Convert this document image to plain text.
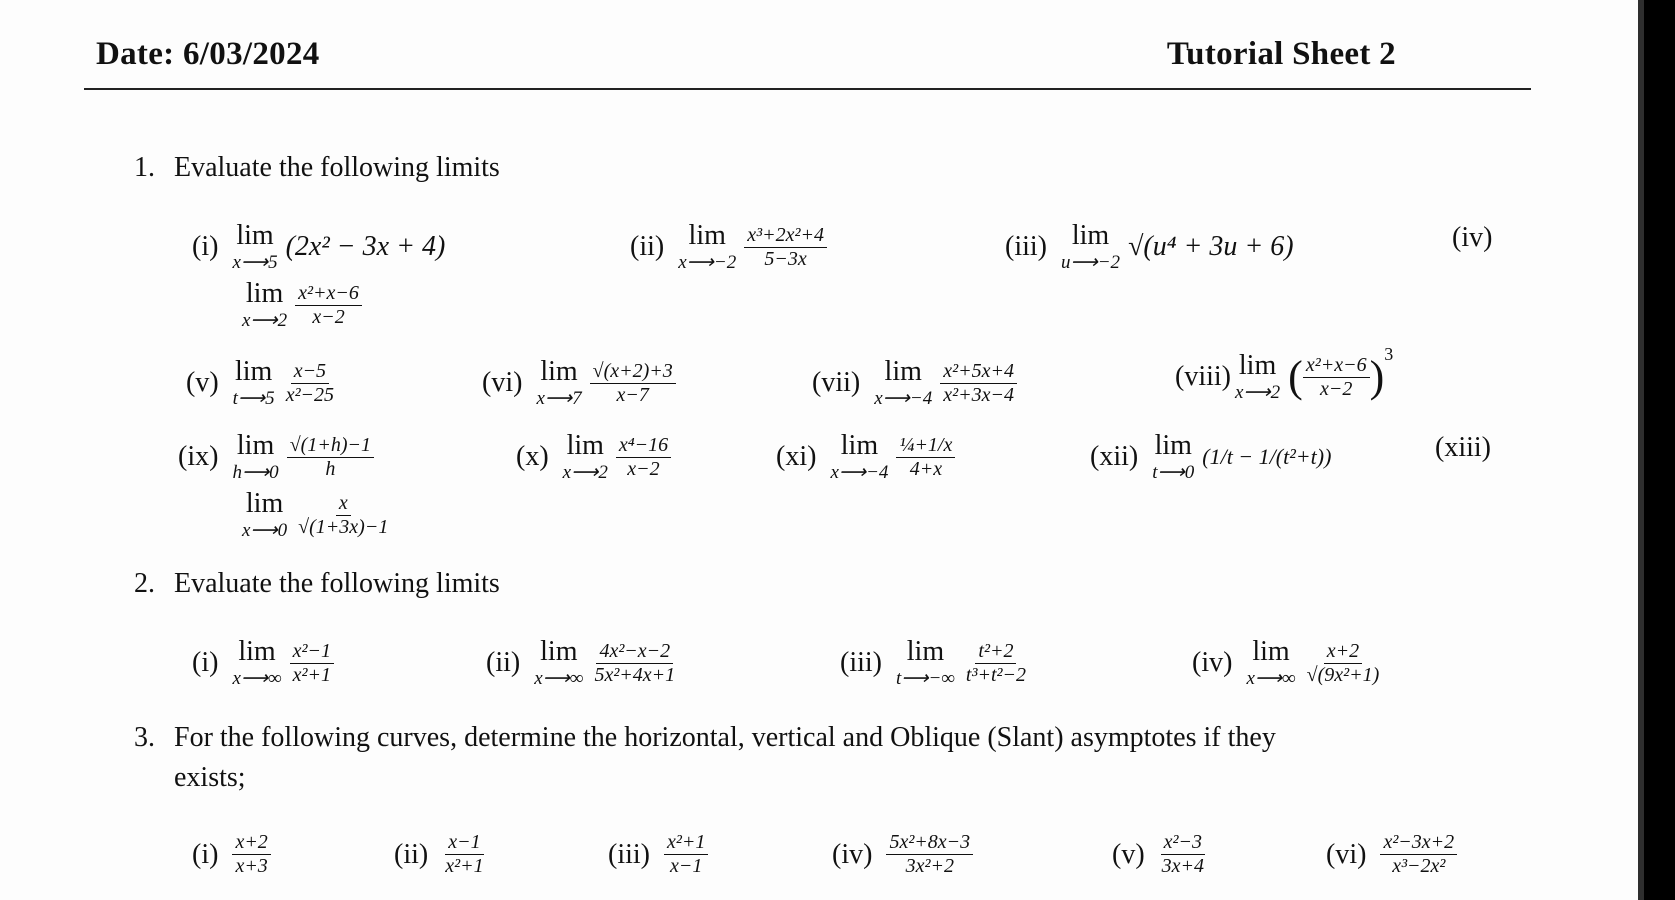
Date: 6/03/2024	Tutorial Sheet 2
1. Evaluate the following limits
(i) lim
x⟶5
(2x² − 3x + 4)	(ii) lim
x⟶−2 $\frac{\text{x³+2x²+4}}{5-3x}$	(iii) lim
u⟶−2
√(u⁴ + 3u + 6)	(iv)
lim
x⟶2 $\frac{\text{x²+x−6}}{x-2}$
(v) lim
t⟶5 $\frac{x-5}{\text{x²−25}}$	(vi) lim
x⟶7 $\frac{√(x+2)+3}{x-7}$	(vii) lim
x⟶−4 $\frac{\text{x²+5x+4}}{\text{x²+3x−4}}$	(viii) lim
x⟶2 ( $\frac{\text{x²+x−6}}{x-2}$ ) 3
(ix) lim
h⟶0 $\frac{√(1+h)-1}{h}$	(x) lim
x⟶2 $\frac{\text{x⁴−16}}{x-2}$	(xi) lim
x⟶−4 $\frac{\text{¼+1/x}}{4+x}$	(xii) lim
t⟶0
(1/t − 1/(t²+t))	(xiii)
lim
x⟶0 $\frac{x}{√(1+3x)-1}$
2. Evaluate the following limits
(i) lim
x⟶∞ $\frac{\text{x²−1}}{\text{x²+1}}$	(ii) lim
x⟶∞ $\frac{\text{4x²−x−2}}{\text{5x²+4x+1}}$	(iii) lim
t⟶−∞ $\frac{\text{t²+2}}{\text{t³+t²−2}}$	(iv) lim
x⟶∞ $\frac{x+2}{\text{√(9x²+1)}}$
3. For the following curves, determine the horizontal, vertical and Oblique (Slant) asymptotes if they
exists;
$(i) \frac{x+2}{x+3}$	$(ii) \frac{x-1}{\text{x²+1}}$	$(iii) \frac{\text{x²+1}}{x-1}$	$(iv) \frac{\text{5x²+8x−3}}{\text{3x²+2}}$	$(v) \frac{\text{x²−3}}{3x+4}$	$(vi) \frac{\text{x²−3x+2}}{\text{x³−2x²}}$
